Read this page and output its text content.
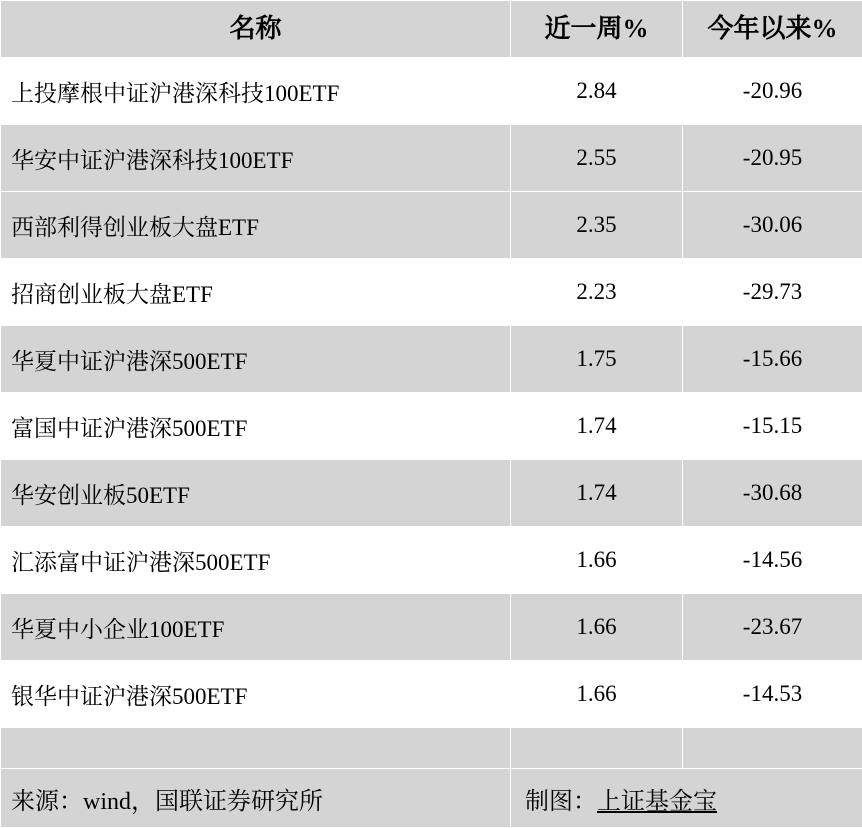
名称	近一周%	今年以来%
上投摩根中证沪港深科技100ETF	2.84	-20.96
华安中证沪港深科技100ETF	2.55	-20.95
西部利得创业板大盘ETF	2.35	-30.06
招商创业板大盘ETF	2.23	-29.73
华夏中证沪港深500ETF	1.75	-15.66
富国中证沪港深500ETF	1.74	-15.15
华安创业板50ETF	1.74	-30.68
汇添富中证沪港深500ETF	1.66	-14.56
华夏中小企业100ETF	1.66	-23.67
银华中证沪港深500ETF	1.66	-14.53

来源：wind，国联证券研究所	制图：上证基金宝	
